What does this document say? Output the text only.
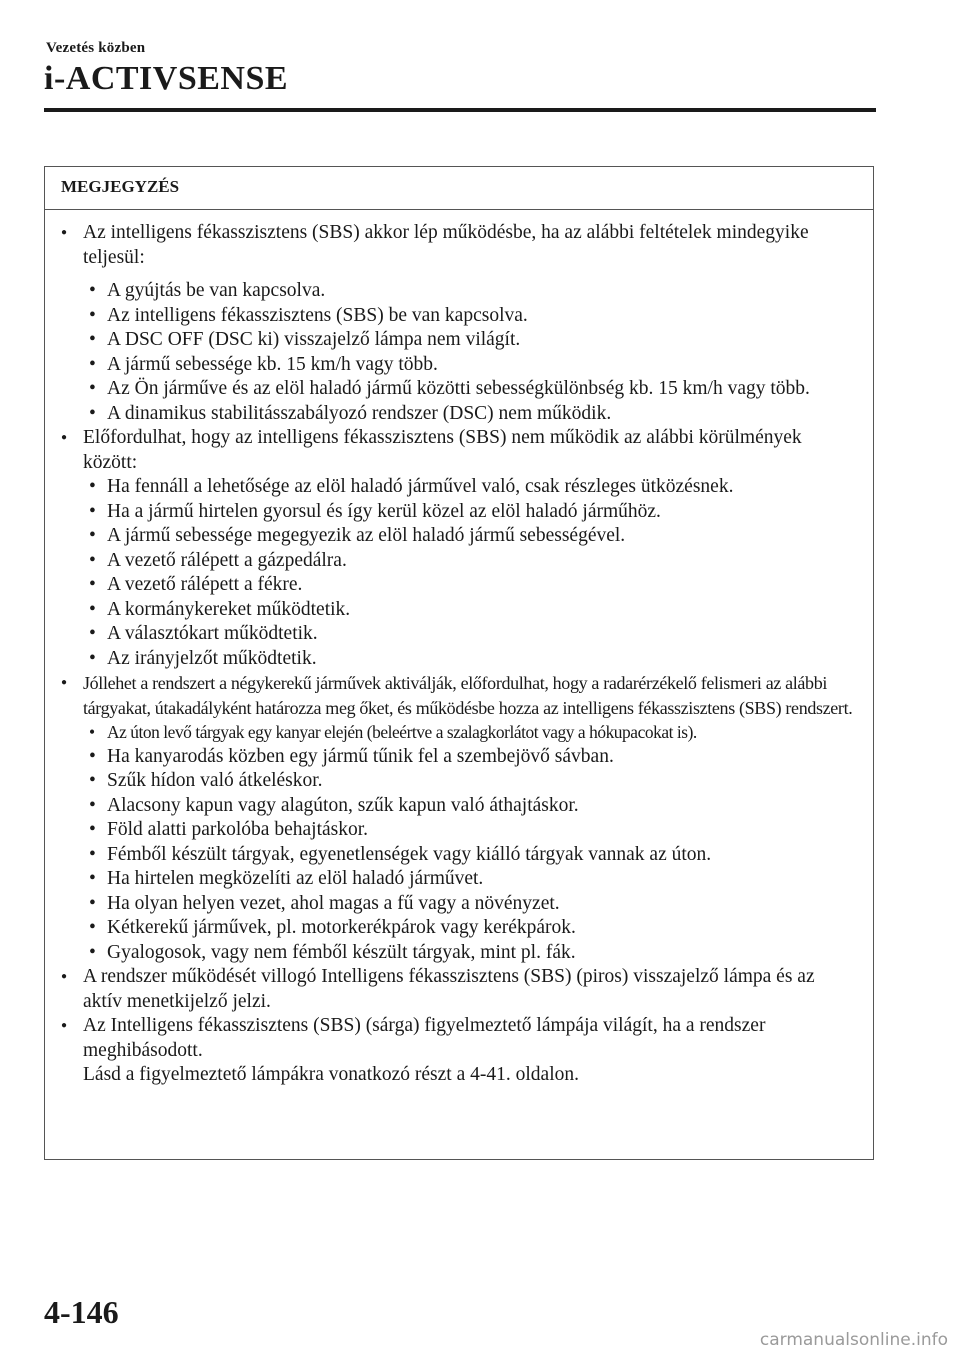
Vezetés közben
i-ACTIVSENSE
MEGJEGYZÉS
● Az intelligens fékasszisztens (SBS) akkor lép működésbe, ha az alábbi feltételek mindegyike teljesül:
• A gyújtás be van kapcsolva.
• Az intelligens fékasszisztens (SBS) be van kapcsolva.
• A DSC OFF (DSC ki) visszajelző lámpa nem világít.
• A jármű sebessége kb. 15 km/h vagy több.
• Az Ön járműve és az elöl haladó jármű közötti sebességkülönbség kb. 15 km/h vagy több.
• A dinamikus stabilitásszabályozó rendszer (DSC) nem működik.
● Előfordulhat, hogy az intelligens fékasszisztens (SBS) nem működik az alábbi körülmények között:
• Ha fennáll a lehetősége az elöl haladó járművel való, csak részleges ütközésnek.
• Ha a jármű hirtelen gyorsul és így kerül közel az elöl haladó járműhöz.
• A jármű sebessége megegyezik az elöl haladó jármű sebességével.
• A vezető rálépett a gázpedálra.
• A vezető rálépett a fékre.
• A kormánykereket működtetik.
• A választókart működtetik.
• Az irányjelzőt működtetik.
● Jóllehet a rendszert a négykerekű járművek aktiválják, előfordulhat, hogy a radarérzékelő felismeri az alábbi tárgyakat, útakadályként határozza meg őket, és működésbe hozza az intelligens fékasszisztens (SBS) rendszert.
• Az úton levő tárgyak egy kanyar elején (beleértve a szalagkorlátot vagy a hókupacokat is).
• Ha kanyarodás közben egy jármű tűnik fel a szembejövő sávban.
• Szűk hídon való átkeléskor.
• Alacsony kapun vagy alagúton, szűk kapun való áthajtáskor.
• Föld alatti parkolóba behajtáskor.
• Fémből készült tárgyak, egyenetlenségek vagy kiálló tárgyak vannak az úton.
• Ha hirtelen megközelíti az elöl haladó járművet.
• Ha olyan helyen vezet, ahol magas a fű vagy a növényzet.
• Kétkerekű járművek, pl. motorkerékpárok vagy kerékpárok.
• Gyalogosok, vagy nem fémből készült tárgyak, mint pl. fák.
● A rendszer működését villogó Intelligens fékasszisztens (SBS) (piros) visszajelző lámpa és az aktív menetkijelző jelzi.
● Az Intelligens fékasszisztens (SBS) (sárga) figyelmeztető lámpája világít, ha a rendszer meghibásodott.
Lásd a figyelmeztető lámpákra vonatkozó részt a 4-41. oldalon.
4-146
carmanualsonline.info
